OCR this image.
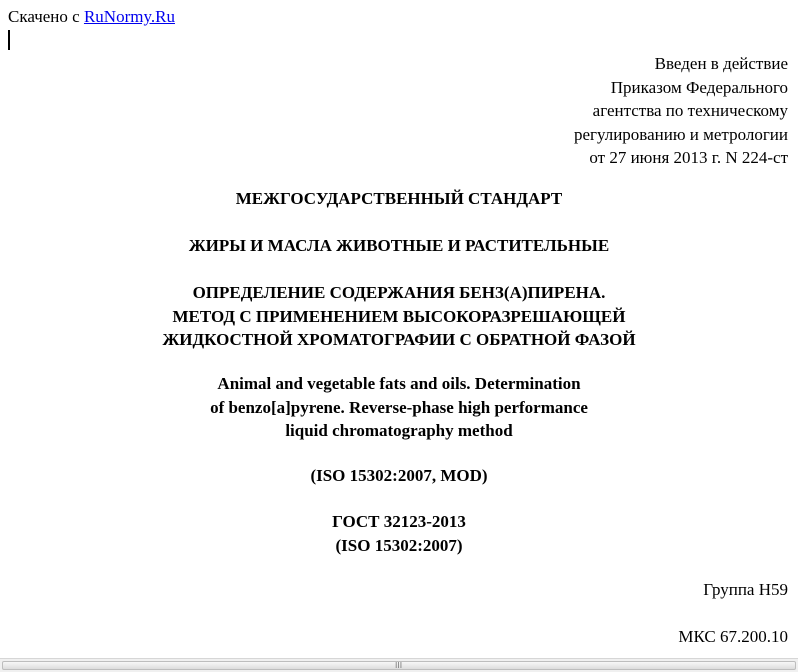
Скачено с RuNormy.Ru
Введен в действие
Приказом Федерального
агентства по техническому
регулированию и метрологии
от 27 июня 2013 г. N 224-ст
МЕЖГОСУДАРСТВЕННЫЙ СТАНДАРТ
ЖИРЫ И МАСЛА ЖИВОТНЫЕ И РАСТИТЕЛЬНЫЕ
ОПРЕДЕЛЕНИЕ СОДЕРЖАНИЯ БЕНЗ(А)ПИРЕНА.
МЕТОД С ПРИМЕНЕНИЕМ ВЫСОКОРАЗРЕШАЮЩЕЙ
ЖИДКОСТНОЙ ХРОМАТОГРАФИИ С ОБРАТНОЙ ФАЗОЙ
Animal and vegetable fats and oils. Determination
of benzo[a]pyrene. Reverse-phase high performance
liquid chromatography method
(ISO 15302:2007, MOD)
ГОСТ 32123-2013
(ISO 15302:2007)
Группа H59
МКС 67.200.10
III
